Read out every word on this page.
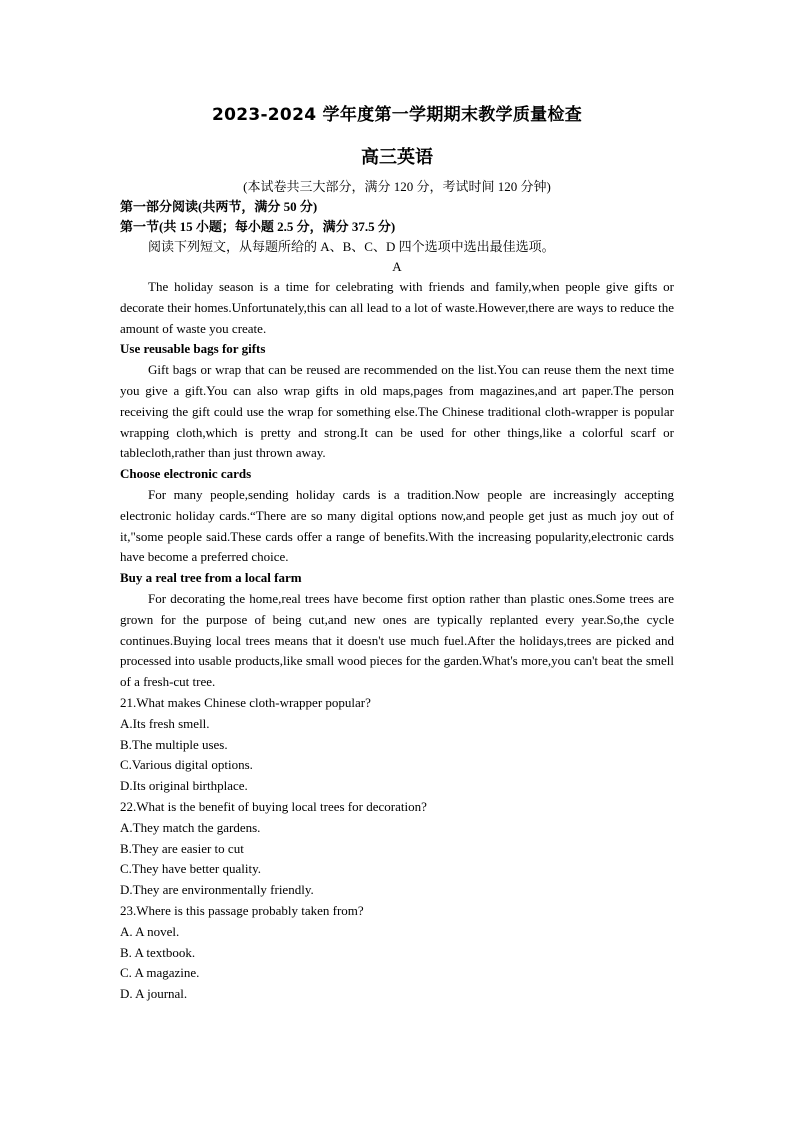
2023-2024 学年度第一学期期末教学质量检查

高三英语

(本试卷共三大部分，满分 120 分，考试时间 120 分钟)

第一部分阅读(共两节，满分 50 分)

第一节(共 15 小题；每小题 2.5 分，满分 37.5 分)

阅读下列短文，从每题所给的 A、B、C、D 四个选项中选出最佳选项。

A

The holiday season is a time for celebrating with friends and family,when people give gifts or decorate their homes.Unfortunately,this can all lead to a lot of waste.However,there are ways to reduce the amount of waste you create.

Use reusable bags for gifts

Gift bags or wrap that can be reused are recommended on the list.You can reuse them the next time you give a gift.You can also wrap gifts in old maps,pages from magazines,and art paper.The person receiving the gift could use the wrap for something else.The Chinese traditional cloth-wrapper is popular wrapping cloth,which is pretty and strong.It can be used for other things,like a colorful scarf or tablecloth,rather than just thrown away.

Choose electronic cards

For many people,sending holiday cards is a tradition.Now people are increasingly accepting electronic holiday cards.“There are so many digital options now,and people get just as much joy out of it,"some people said.These cards offer a range of benefits.With the increasing popularity,electronic cards have become a preferred choice.

Buy a real tree from a local farm

For decorating the home,real trees have become first option rather than plastic ones.Some trees are grown for the purpose of being cut,and new ones are typically replanted every year.So,the cycle continues.Buying local trees means that it doesn't use much fuel.After the holidays,trees are picked and processed into usable products,like small wood pieces for the garden.What's more,you can't beat the smell of a fresh-cut tree.

21.What makes Chinese cloth-wrapper popular?

A.Its fresh smell.

B.The multiple uses.

C.Various digital options.

D.Its original birthplace.

22.What is the benefit of buying local trees for decoration?

A.They match the gardens.

B.They are easier to cut

C.They have better quality.

D.They are environmentally friendly.

23.Where is this passage probably taken from?

A. A novel.

B. A textbook.

C. A magazine.

D. A journal.
